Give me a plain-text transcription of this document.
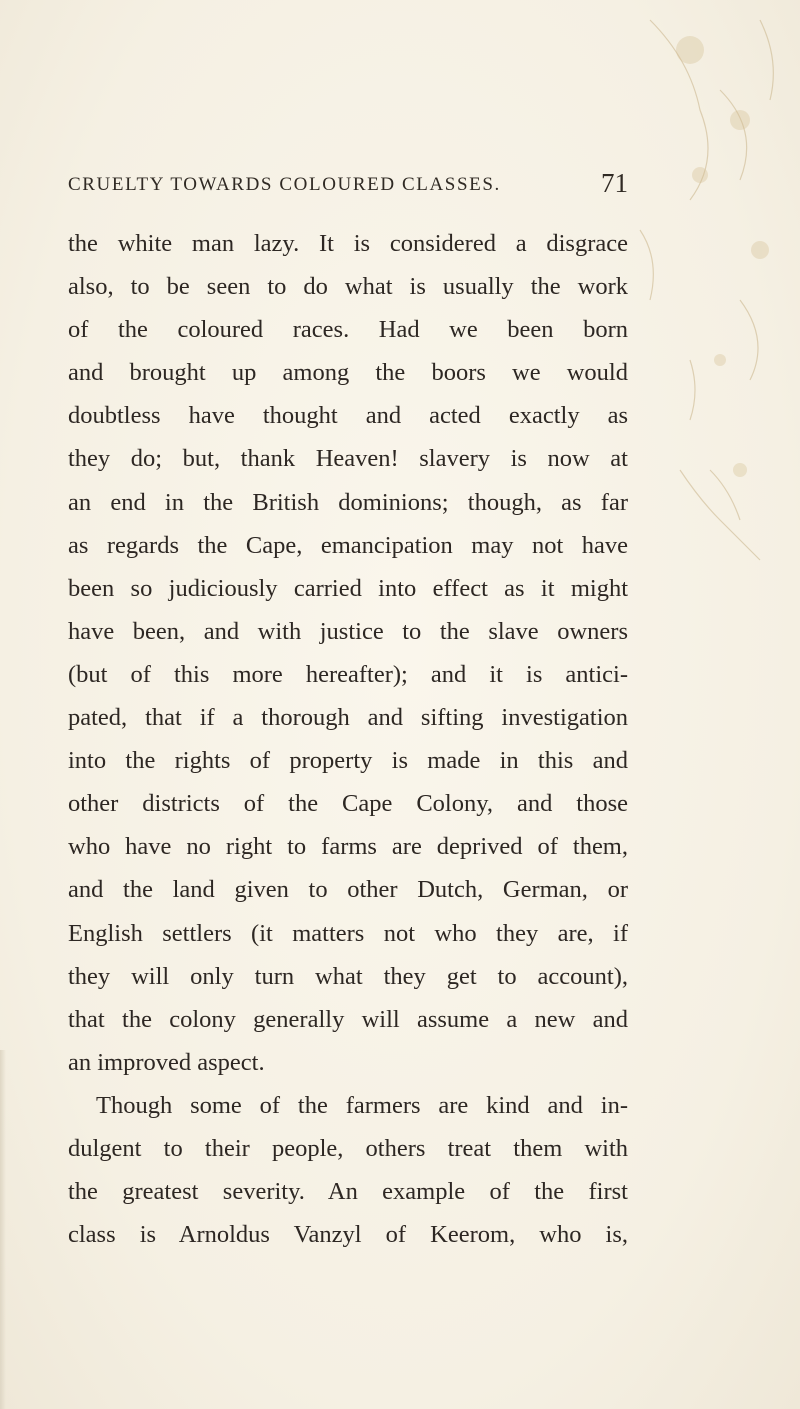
CRUELTY TOWARDS COLOURED CLASSES.	71
the white man lazy. It is considered a disgrace
also, to be seen to do what is usually the work
of the coloured races. Had we been born
and brought up among the boors we would
doubtless have thought and acted exactly as
they do; but, thank Heaven! slavery is now at
an end in the British dominions; though, as far
as regards the Cape, emancipation may not have
been so judiciously carried into effect as it might
have been, and with justice to the slave owners
(but of this more hereafter); and it is antici-
pated, that if a thorough and sifting investigation
into the rights of property is made in this and
other districts of the Cape Colony, and those
who have no right to farms are deprived of them,
and the land given to other Dutch, German, or
English settlers (it matters not who they are, if
they will only turn what they get to account),
that the colony generally will assume a new and
an improved aspect.
Though some of the farmers are kind and in-
dulgent to their people, others treat them with
the greatest severity. An example of the first
class is Arnoldus Vanzyl of Keerom, who is,
